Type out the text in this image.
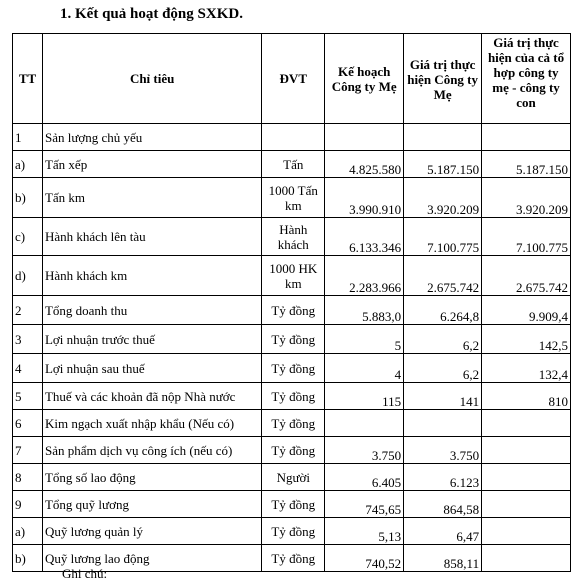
1. Kết quả hoạt động SXKD.
TT	Chỉ tiêu	ĐVT	Kế hoạch Công ty Mẹ	Giá trị thực hiện Công ty Mẹ	Giá trị thực hiện của cả tổ hợp công ty mẹ - công ty con
1	Sản lượng chủ yếu				
a)	Tấn xếp	Tấn	4.825.580	5.187.150	5.187.150
b)	Tấn km	1000 Tấn km	3.990.910	3.920.209	3.920.209
c)	Hành khách lên tàu	Hành khách	6.133.346	7.100.775	7.100.775
d)	Hành khách km	1000 HK km	2.283.966	2.675.742	2.675.742
2	Tổng doanh thu	Tỷ đồng	5.883,0	6.264,8	9.909,4
3	Lợi nhuận trước thuế	Tỷ đồng	5	6,2	142,5
4	Lợi nhuận sau thuế	Tỷ đồng	4	6,2	132,4
5	Thuế và các khoản đã nộp Nhà nước	Tỷ đồng	115	141	810
6	Kim ngạch xuất nhập khẩu (Nếu có)	Tỷ đồng			
7	Sản phẩm dịch vụ công ích (nếu có)	Tỷ đồng	3.750	3.750	
8	Tổng số lao động	Người	6.405	6.123	
9	Tổng quỹ lương	Tỷ đồng	745,65	864,58	
a)	Quỹ lương quản lý	Tỷ đồng	5,13	6,47	
b)	Quỹ lương lao động	Tỷ đồng	740,52	858,11	
Ghi chú:
